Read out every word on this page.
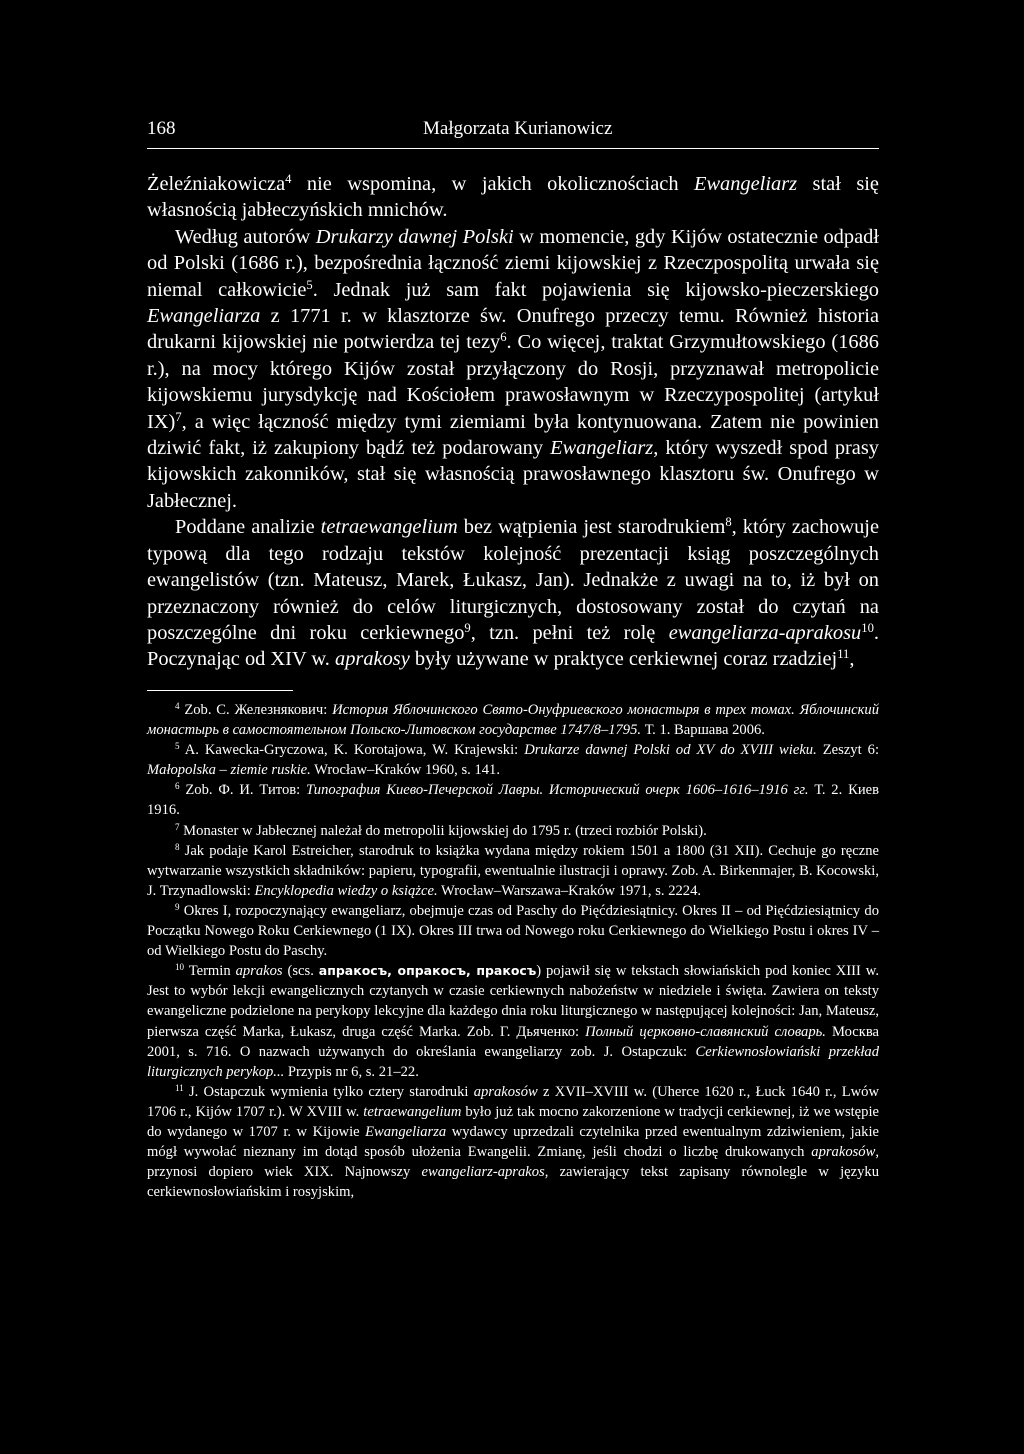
168	Małgorzata Kurianowicz

Żeleźniakowicza$^4$ nie wspomina, w jakich okolicznościach Ewangeliarz stał się własnością jabłeczyńskich mnichów.

Według autorów Drukarzy dawnej Polski w momencie, gdy Kijów ostatecznie odpadł od Polski (1686 r.), bezpośrednia łączność ziemi kijowskiej z Rzeczpospolitą urwała się niemal całkowicie$^5$. Jednak już sam fakt pojawienia się kijowsko-pieczerskiego Ewangeliarza z 1771 r. w klasztorze św. Onufrego przeczy temu. Również historia drukarni kijowskiej nie potwierdza tej tezy$^6$. Co więcej, traktat Grzymułtowskiego (1686 r.), na mocy którego Kijów został przyłączony do Rosji, przyznawał metropolicie kijowskiemu jurysdykcję nad Kościołem prawosławnym w Rzeczypospolitej (artykuł IX)$^7$, a więc łączność między tymi ziemiami była kontynuowana. Zatem nie powinien dziwić fakt, iż zakupiony bądź też podarowany Ewangeliarz, który wyszedł spod prasy kijowskich zakonników, stał się własnością prawosławnego klasztoru św. Onufrego w Jabłecznej.

Poddane analizie tetraewangelium bez wątpienia jest starodrukiem$^8$, który zachowuje typową dla tego rodzaju tekstów kolejność prezentacji ksiąg poszczególnych ewangelistów (tzn. Mateusz, Marek, Łukasz, Jan). Jednakże z uwagi na to, iż był on przeznaczony również do celów liturgicznych, dostosowany został do czytań na poszczególne dni roku cerkiewnego$^9$, tzn. pełni też rolę ewangeliarza-aprakosu$^{10}$. Poczynając od XIV w. aprakosy były używane w praktyce cerkiewnej coraz rzadziej$^{11}$,

$^4$ Zob. С. Железнякович: История Яблочинского Свято-Онуфриевского монастыря в трех томах. Яблочинский монастырь в самостоятельном Польско-Литовском государстве 1747/8–1795. Т. 1. Варшава 2006.

$^5$ A. Kawecka-Gryczowa, K. Korotajowa, W. Krajewski: Drukarze dawnej Polski od XV do XVIII wieku. Zeszyt 6: Małopolska – ziemie ruskie. Wrocław–Kraków 1960, s. 141.

$^6$ Zob. Ф. И. Титов: Типография Киево-Печерской Лавры. Исторический очерк 1606–1616–1916 гг. Т. 2. Киев 1916.

$^7$ Monaster w Jabłecznej należał do metropolii kijowskiej do 1795 r. (trzeci rozbiór Polski).

$^8$ Jak podaje Karol Estreicher, starodruk to książka wydana między rokiem 1501 a 1800 (31 XII). Cechuje go ręczne wytwarzanie wszystkich składników: papieru, typografii, ewentualnie ilustracji i oprawy. Zob. A. Birkenmajer, B. Kocowski, J. Trzynadlowski: Encyklopedia wiedzy o książce. Wrocław–Warszawa–Kraków 1971, s. 2224.

$^9$ Okres I, rozpoczynający ewangeliarz, obejmuje czas od Paschy do Pięćdziesiątnicy. Okres II – od Pięćdziesiątnicy do Początku Nowego Roku Cerkiewnego (1 IX). Okres III trwa od Nowego roku Cerkiewnego do Wielkiego Postu i okres IV – od Wielkiego Postu do Paschy.

$^{10}$ Termin aprakos (scs. апракосъ, опракосъ, пракосъ) pojawił się w tekstach słowiańskich pod koniec XIII w. Jest to wybór lekcji ewangelicznych czytanych w czasie cerkiewnych nabożeństw w niedziele i święta. Zawiera on teksty ewangeliczne podzielone na perykopy lekcyjne dla każdego dnia roku liturgicznego w następującej kolejności: Jan, Mateusz, pierwsza część Marka, Łukasz, druga część Marka. Zob. Г. Дьяченко: Полный церковно-славянский словарь. Москва 2001, s. 716. O nazwach używanych do określania ewangeliarzy zob. J. Ostapczuk: Cerkiewnosłowiański przekład liturgicznych perykop... Przypis nr 6, s. 21–22.

$^{11}$ J. Ostapczuk wymienia tylko cztery starodruki aprakosów z XVII–XVIII w. (Uherce 1620 r., Łuck 1640 r., Lwów 1706 r., Kijów 1707 r.). W XVIII w. tetraewangelium było już tak mocno zakorzenione w tradycji cerkiewnej, iż we wstępie do wydanego w 1707 r. w Kijowie Ewangeliarza wydawcy uprzedzali czytelnika przed ewentualnym zdziwieniem, jakie mógł wywołać nieznany im dotąd sposób ułożenia Ewangelii. Zmianę, jeśli chodzi o liczbę drukowanych aprakosów, przynosi dopiero wiek XIX. Najnowszy ewangeliarz-aprakos, zawierający tekst zapisany równolegle w języku cerkiewnosłowiańskim i rosyjskim,
